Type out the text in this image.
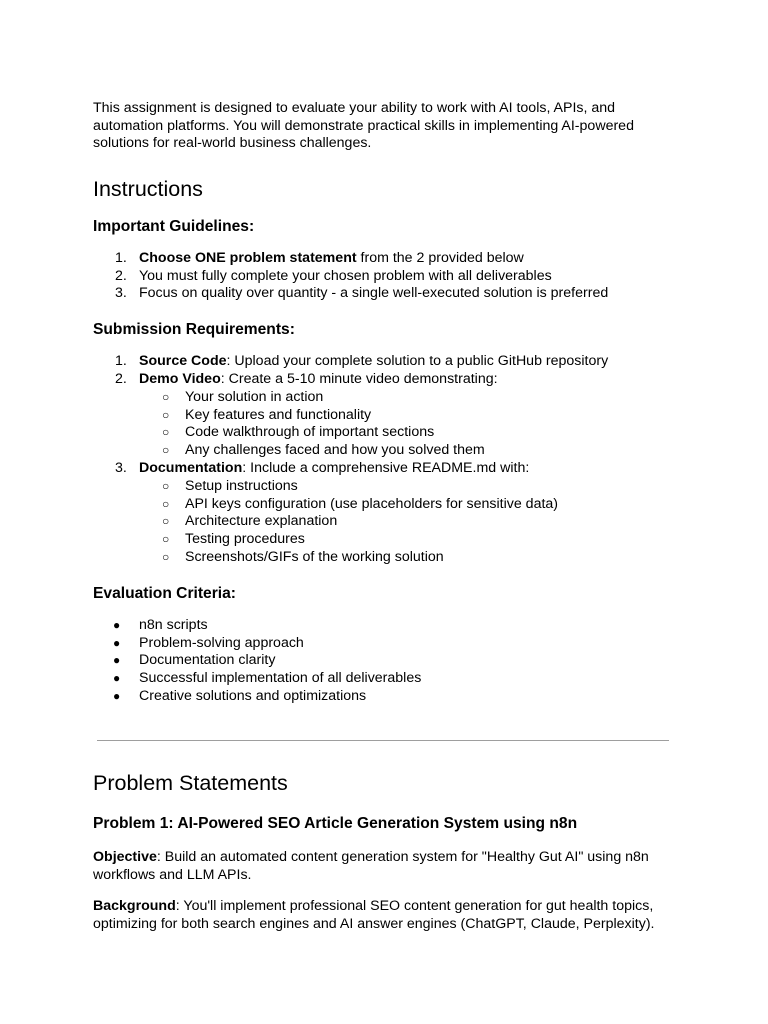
This assignment is designed to evaluate your ability to work with AI tools, APIs, and automation platforms. You will demonstrate practical skills in implementing AI-powered solutions for real-world business challenges.

Instructions
Important Guidelines:
1. Choose ONE problem statement from the 2 provided below
2. You must fully complete your chosen problem with all deliverables
3. Focus on quality over quantity - a single well-executed solution is preferred
Submission Requirements:
1. Source Code: Upload your complete solution to a public GitHub repository
2. Demo Video: Create a 5-10 minute video demonstrating:
○ Your solution in action
○ Key features and functionality
○ Code walkthrough of important sections
○ Any challenges faced and how you solved them
3. Documentation: Include a comprehensive README.md with:
○ Setup instructions
○ API keys configuration (use placeholders for sensitive data)
○ Architecture explanation
○ Testing procedures
○ Screenshots/GIFs of the working solution
Evaluation Criteria:
● n8n scripts
● Problem-solving approach
● Documentation clarity
● Successful implementation of all deliverables
● Creative solutions and optimizations
Problem Statements
Problem 1: AI-Powered SEO Article Generation System using n8n

Objective: Build an automated content generation system for "Healthy Gut AI" using n8n workflows and LLM APIs.

Background: You'll implement professional SEO content generation for gut health topics, optimizing for both search engines and AI answer engines (ChatGPT, Claude, Perplexity).
